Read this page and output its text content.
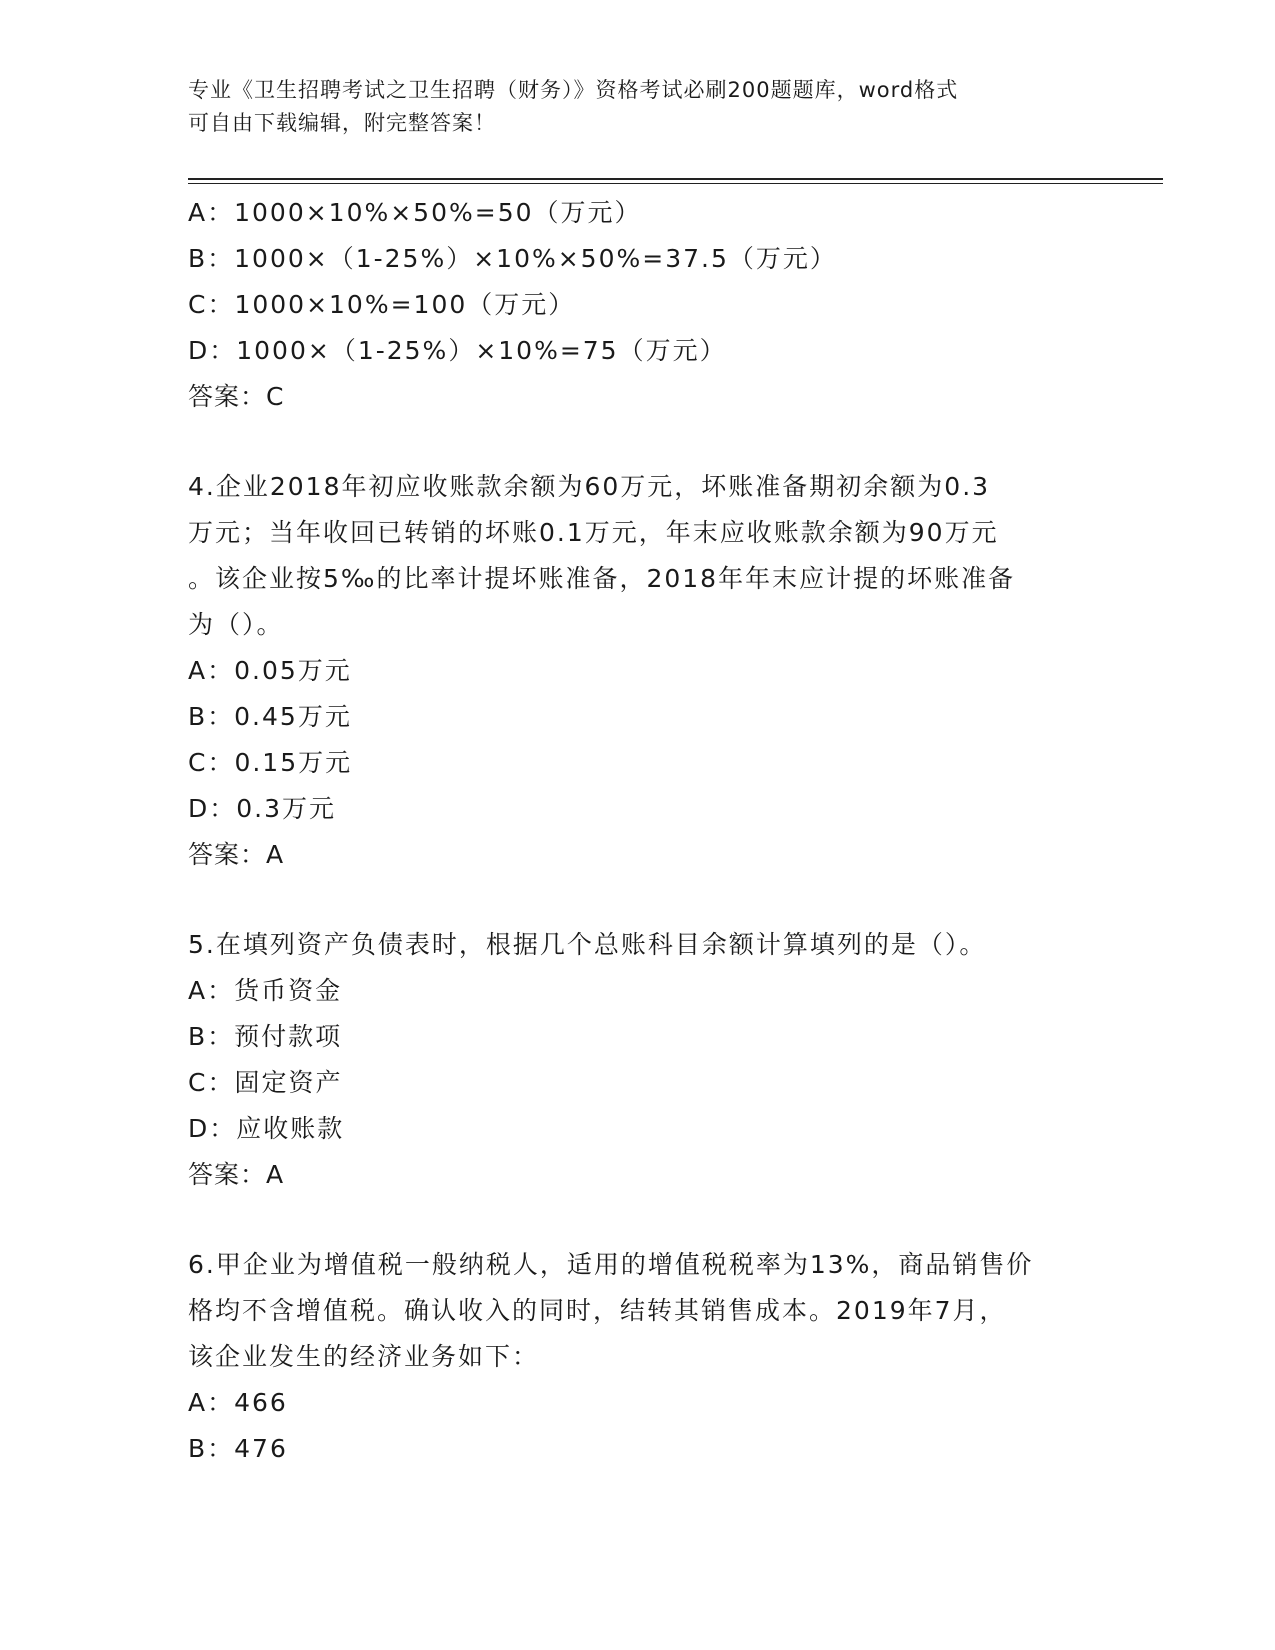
专业《卫生招聘考试之卫生招聘（财务）》资格考试必刷200题题库，word格式
可自由下载编辑，附完整答案！
A：1000×10%×50%=50（万元）
B：1000×（1-25%）×10%×50%=37.5（万元）
C：1000×10%=100（万元）
D：1000×（1-25%）×10%=75（万元）
答案：C
4.企业2018年初应收账款余额为60万元，坏账准备期初余额为0.3
万元；当年收回已转销的坏账0.1万元，年末应收账款余额为90万元
。该企业按5‰的比率计提坏账准备，2018年年末应计提的坏账准备
为（）。
A：0.05万元
B：0.45万元
C：0.15万元
D：0.3万元
答案：A
5.在填列资产负债表时，根据几个总账科目余额计算填列的是（）。
A：货币资金
B：预付款项
C：固定资产
D：应收账款
答案：A
6.甲企业为增值税一般纳税人，适用的增值税税率为13%，商品销售价
格均不含增值税。确认收入的同时，结转其销售成本。2019年7月，
该企业发生的经济业务如下：
A：466
B：476
